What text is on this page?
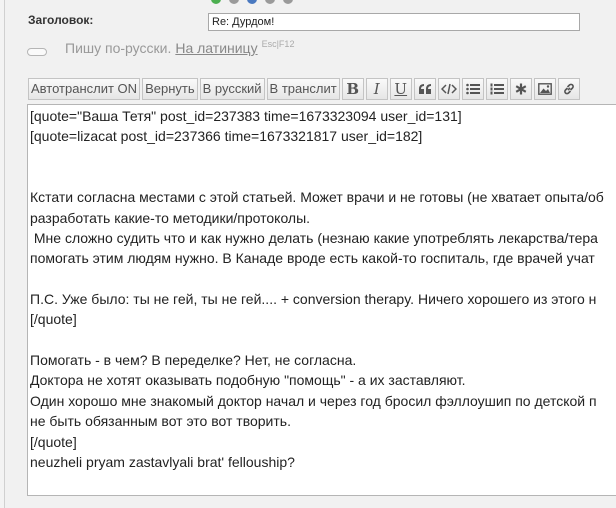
Заголовок:	Re: Дурдом!
Пишу по-русски. На латиницу $^{Esc|F12}$
Автотранслит ON Вернуть В русский В транслит B I U
[quote="Ваша Тетя" post_id=237383 time=1673323094 user_id=131]
[quote=lizacat post_id=237366 time=1673321817 user_id=182]

Кстати согласна местами с этой статьей. Может врачи и не готовы (не хватает опыта/об
разработать какие-то методики/протоколы.
Мне сложно судить что и как нужно делать (незнаю какие употреблять лекарства/тера
помогать этим людям нужно. В Канаде вроде есть какой-то госпиталь, где врачей учат

П.С. Уже было: ты не гей, ты не гей.... + conversion therapy. Ничего хорошего из этого н
[/quote]

Помогать - в чем? В переделке? Нет, не согласна.
Доктора не хотят оказывать подобную "помощь" - а их заставляют.
Один хорошо мне знакомый доктор начал и через год бросил фэллоушип по детской п
не быть обязанным вот это вот творить.
[/quote]
neuzheli pryam zastavlyali brat' fellouship?
